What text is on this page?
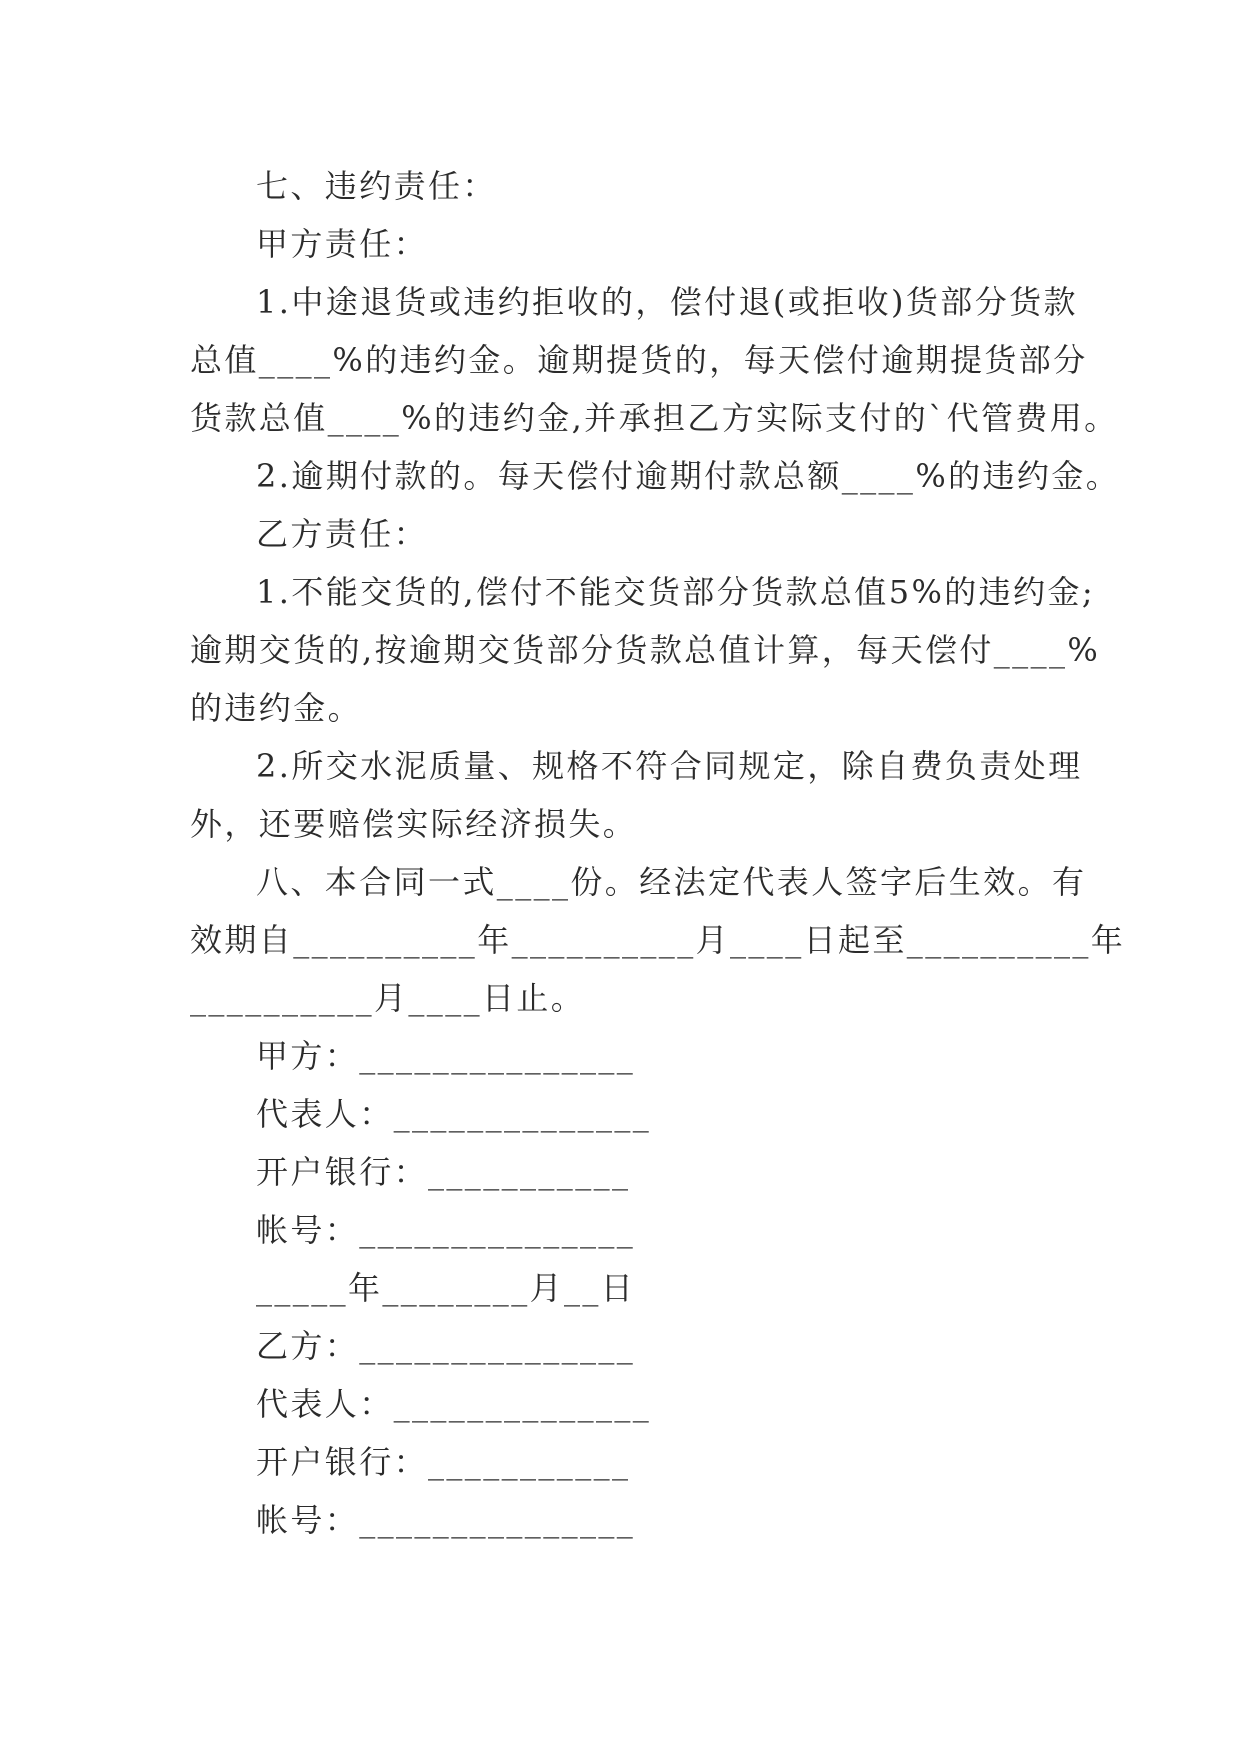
七、违约责任：
甲方责任：
1.中途退货或违约拒收的，偿付退(或拒收)货部分货款
总值____%的违约金。逾期提货的，每天偿付逾期提货部分
货款总值____%的违约金,并承担乙方实际支付的`代管费用。
2.逾期付款的。每天偿付逾期付款总额____%的违约金。
乙方责任：
1.不能交货的,偿付不能交货部分货款总值5%的违约金;
逾期交货的,按逾期交货部分货款总值计算，每天偿付____%
的违约金。
2.所交水泥质量、规格不符合同规定，除自费负责处理
外，还要赔偿实际经济损失。
八、本合同一式____份。经法定代表人签字后生效。有
效期自__________年__________月____日起至__________年
__________月____日止。
甲方：_______________
代表人：______________
开户银行：___________
帐号：_______________
_____年________月__日
乙方：_______________
代表人：______________
开户银行：___________
帐号：_______________
